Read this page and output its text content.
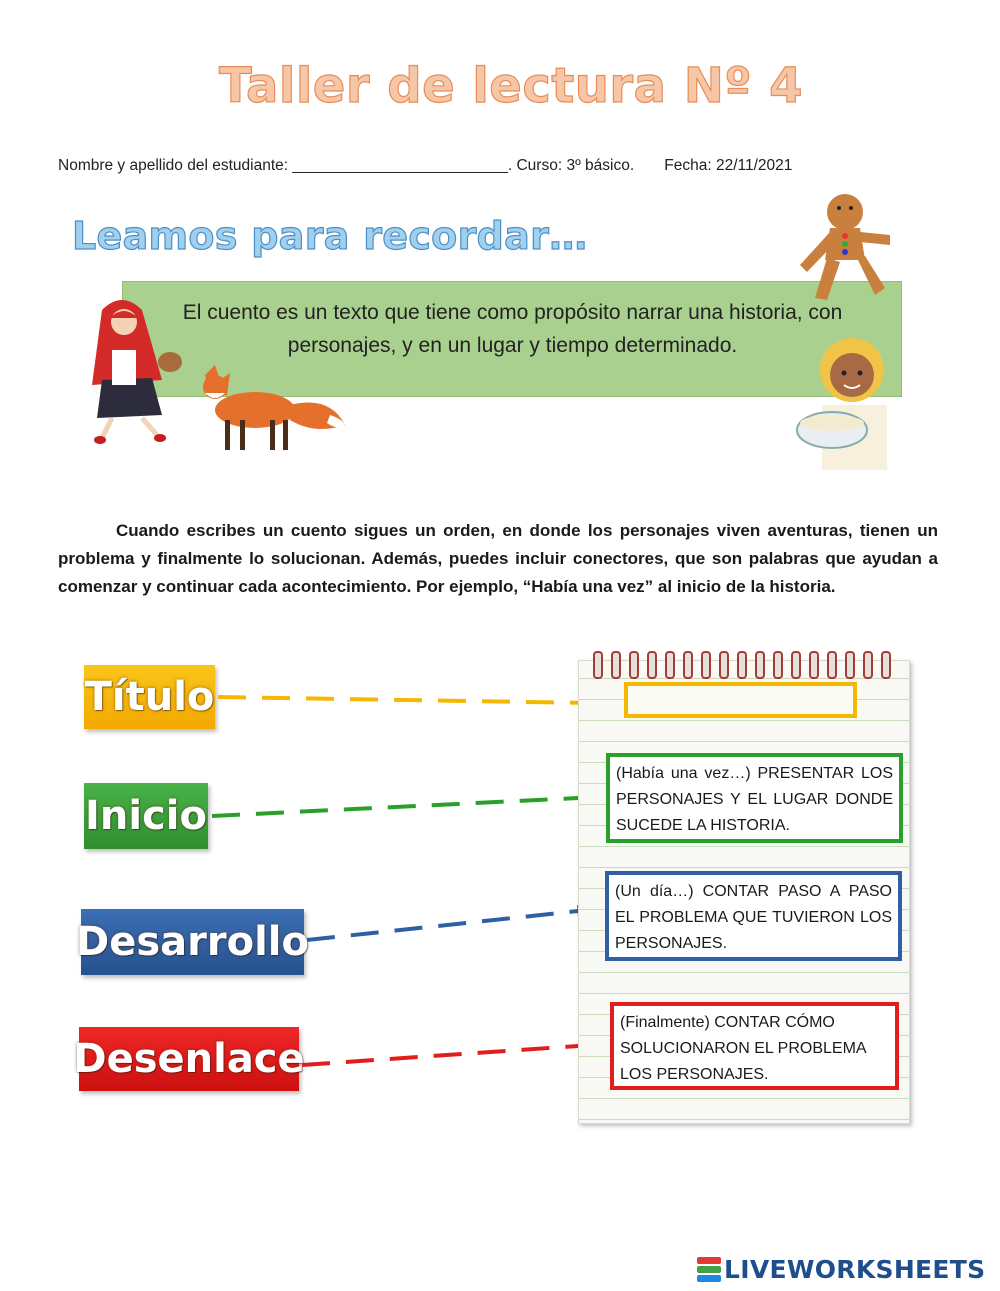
Taller de lectura Nº 4
Nombre y apellido del estudiante: _________________________. Curso: 3º básico.       Fecha: 22/11/2021
Leamos para recordar…
El cuento es un texto que tiene como propósito narrar una historia, con personajes, y en un lugar y tiempo determinado.
Cuando escribes un cuento sigues un orden, en donde los personajes viven aventuras, tienen un problema y finalmente lo solucionan. Además, puedes incluir conectores, que son palabras que ayudan a comenzar y continuar cada acontecimiento. Por ejemplo, “Había una vez” al inicio de la historia.
Título
Inicio
Desarrollo
Desenlace
(Había una vez…) PRESENTAR LOS PERSONAJES Y EL LUGAR DONDE SUCEDE LA HISTORIA.
(Un día…) CONTAR PASO A PASO EL PROBLEMA QUE TUVIERON LOS PERSONAJES.
(Finalmente) CONTAR CÓMO SOLUCIONARON EL PROBLEMA LOS PERSONAJES.
LIVEWORKSHEETS
